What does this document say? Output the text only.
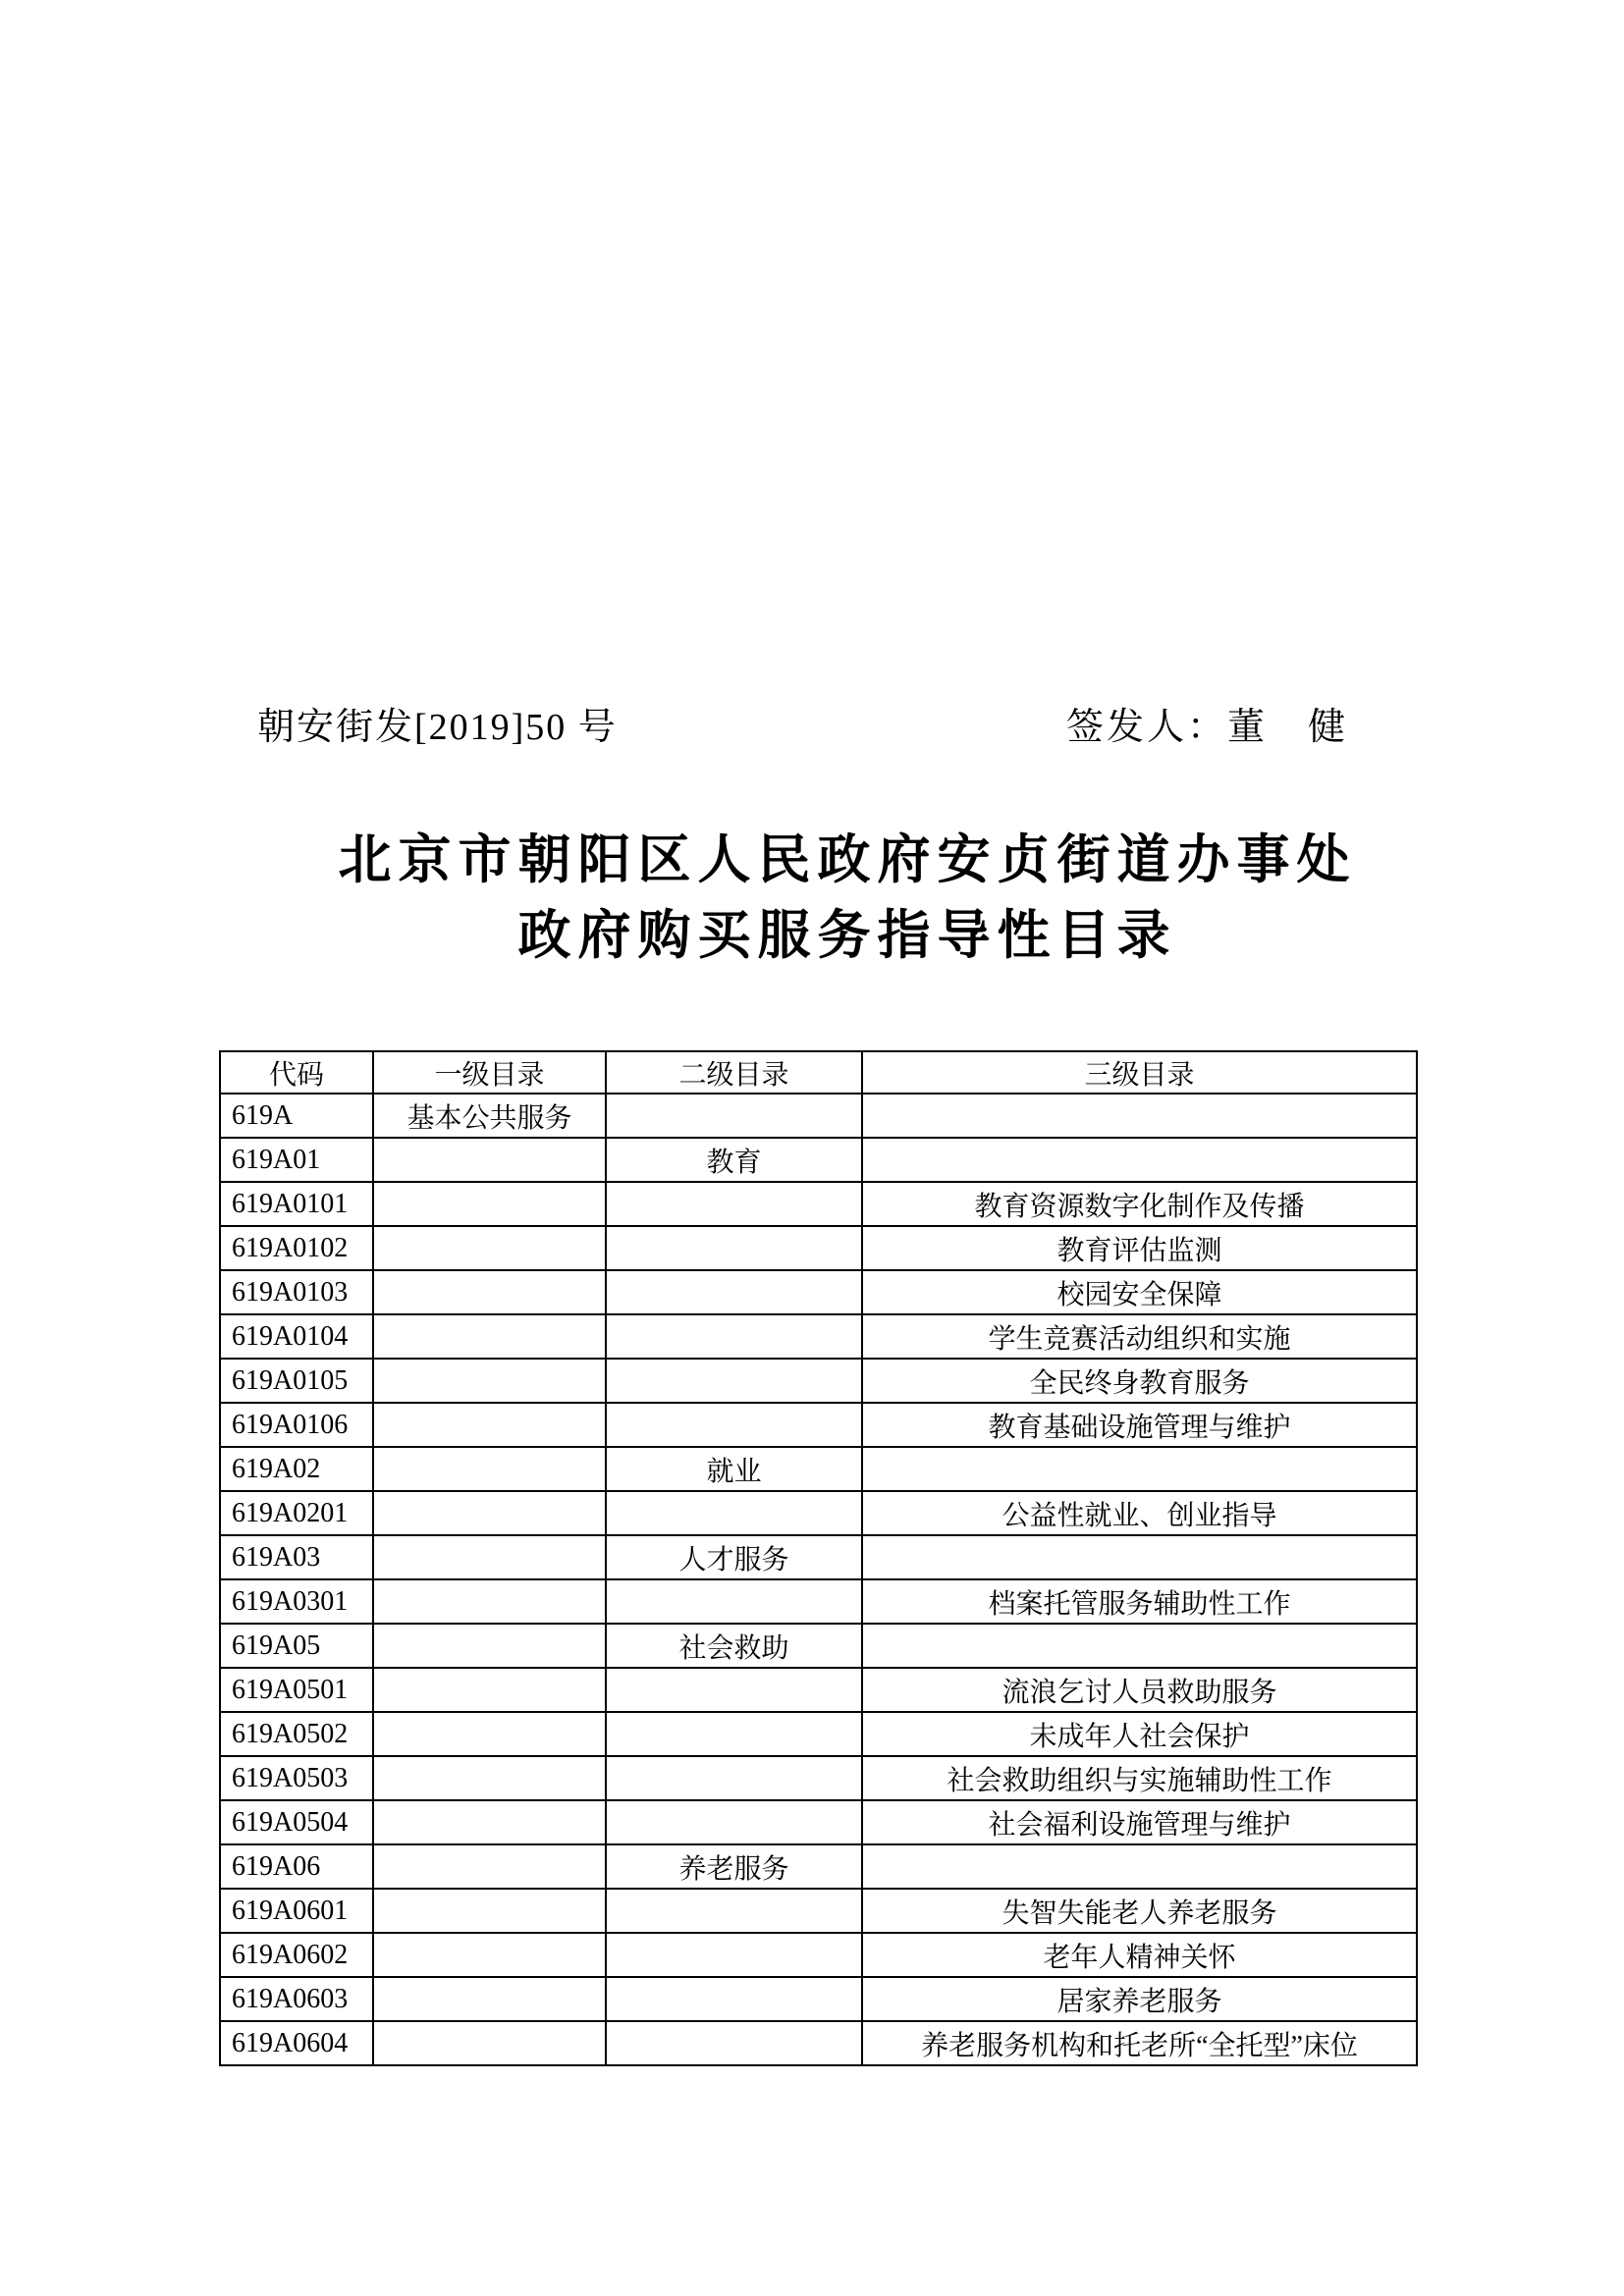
朝安街发[2019]50 号	签发人：董　健
北京市朝阳区人民政府安贞街道办事处
政府购买服务指导性目录
代码	一级目录	二级目录	三级目录
619A	基本公共服务		
619A01		教育	
619A0101			教育资源数字化制作及传播
619A0102			教育评估监测
619A0103			校园安全保障
619A0104			学生竞赛活动组织和实施
619A0105			全民终身教育服务
619A0106			教育基础设施管理与维护
619A02		就业	
619A0201			公益性就业、创业指导
619A03		人才服务	
619A0301			档案托管服务辅助性工作
619A05		社会救助	
619A0501			流浪乞讨人员救助服务
619A0502			未成年人社会保护
619A0503			社会救助组织与实施辅助性工作
619A0504			社会福利设施管理与维护
619A06		养老服务	
619A0601			失智失能老人养老服务
619A0602			老年人精神关怀
619A0603			居家养老服务
619A0604			养老服务机构和托老所“全托型”床位
